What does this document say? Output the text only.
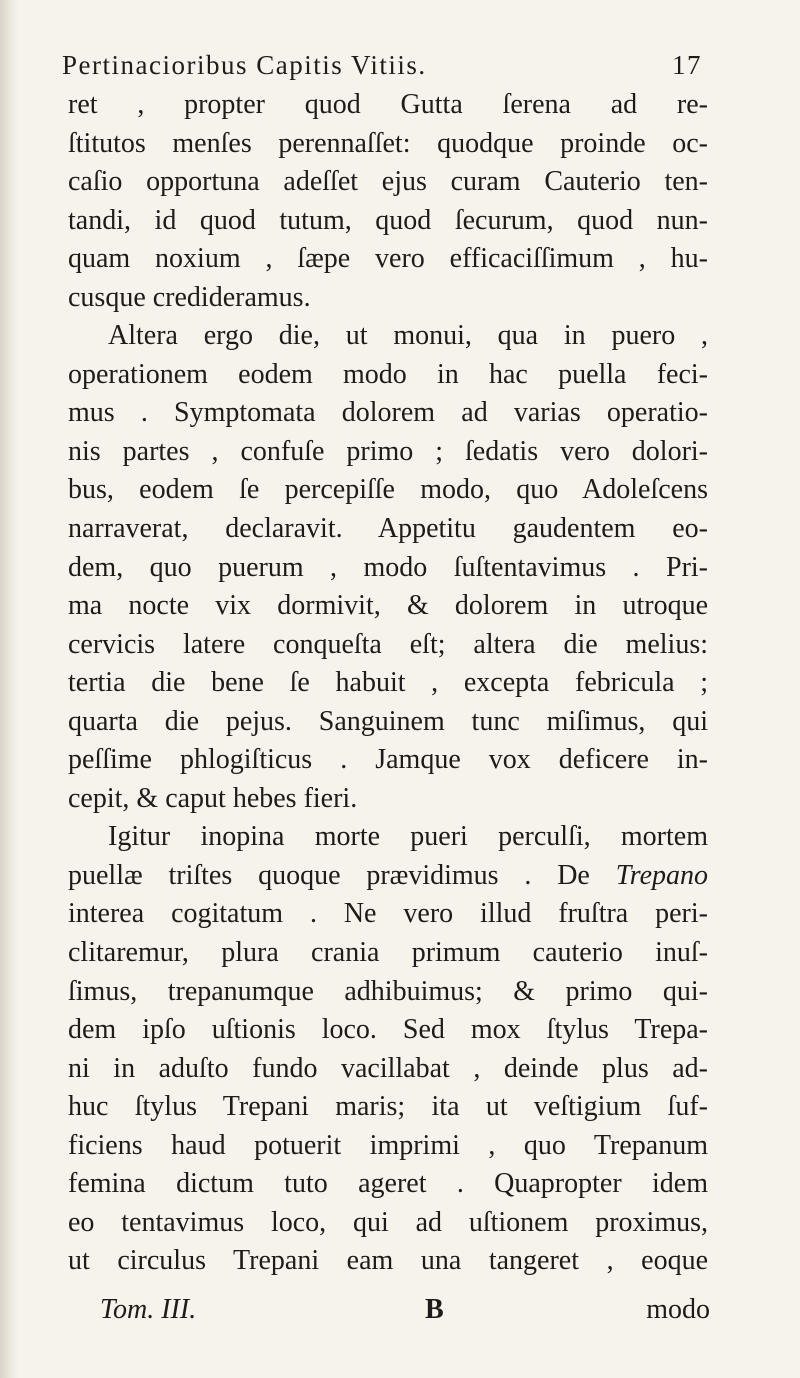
Pertinacioribus Capitis Vitiis.	17
ret , propter quod Gutta ſerena ad re-
ſtitutos menſes perennaſſet: quodque proinde oc-
caſio opportuna adeſſet ejus curam Cauterio ten-
tandi, id quod tutum, quod ſecurum, quod nun-
quam noxium , ſæpe vero efficaciſſimum , hu-
cusque credideramus.
Altera ergo die, ut monui, qua in puero ,
operationem eodem modo in hac puella feci-
mus . Symptomata dolorem ad varias operatio-
nis partes , confuſe primo ; ſedatis vero dolori-
bus, eodem ſe percepiſſe modo, quo Adoleſcens
narraverat, declaravit. Appetitu gaudentem eo-
dem, quo puerum , modo ſuſtentavimus . Pri-
ma nocte vix dormivit, & dolorem in utroque
cervicis latere conqueſta eſt; altera die melius:
tertia die bene ſe habuit , excepta febricula ;
quarta die pejus. Sanguinem tunc miſimus, qui
peſſime phlogiſticus . Jamque vox deficere in-
cepit, & caput hebes fieri.
Igitur inopina morte pueri perculſi, mortem
puellæ triſtes quoque prævidimus . De Trepano
interea cogitatum . Ne vero illud fruſtra peri-
clitaremur, plura crania primum cauterio inuſ-
ſimus, trepanumque adhibuimus; & primo qui-
dem ipſo uſtionis loco. Sed mox ſtylus Trepa-
ni in aduſto fundo vacillabat , deinde plus ad-
huc ſtylus Trepani maris; ita ut veſtigium ſuf-
ficiens haud potuerit imprimi , quo Trepanum
femina dictum tuto ageret . Quapropter idem
eo tentavimus loco, qui ad uſtionem proximus,
ut circulus Trepani eam una tangeret , eoque
Tom. III.	B	modo
